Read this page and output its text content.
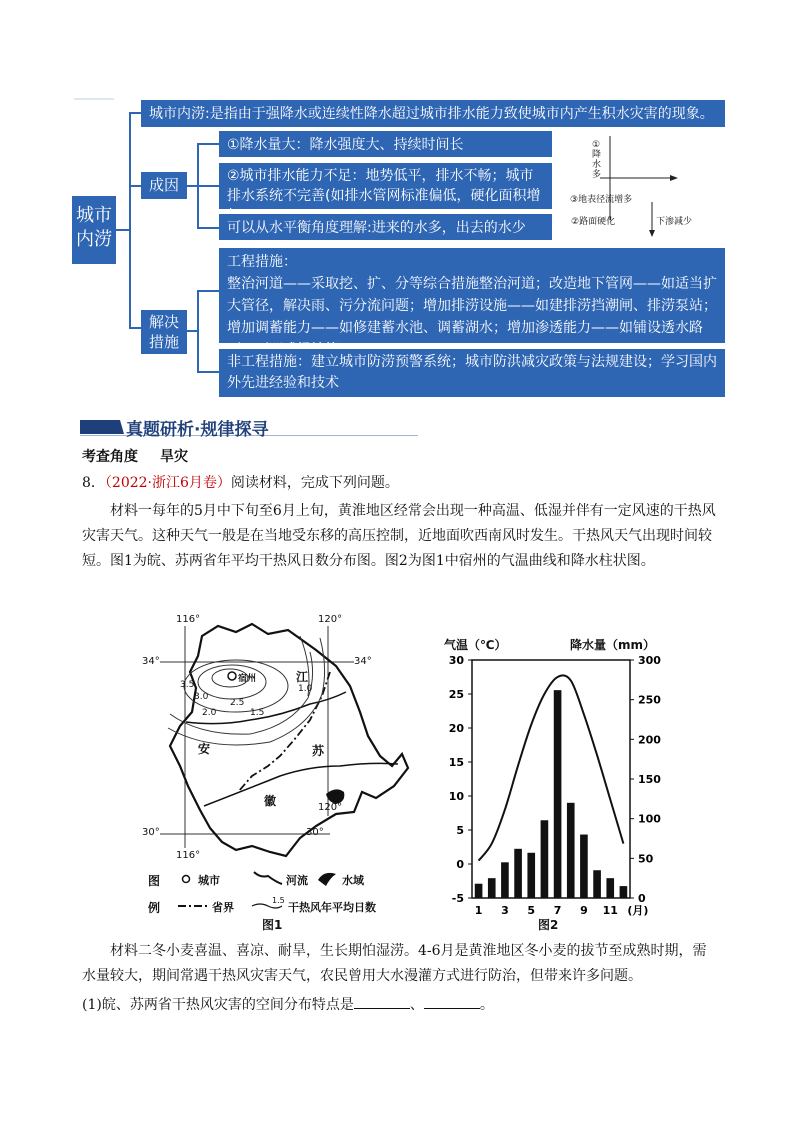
城市
内涝
城市内涝:是指由于强降水或连续性降水超过城市排水能力致使城市内产生积水灾害的现象。
成因
①降水量大：降水强度大、持续时间长
②城市排水能力不足：地势低平，排水不畅；城市排水系统不完善(如排水管网标准偏低，硬化面积增
可以从水平衡角度理解:进来的水多，出去的水少
①降水多
③地表径流增多
②路面硬化	下渗减少
解决
措施
工程措施：
整治河道——采取挖、扩、分等综合措施整治河道；改造地下管网——如适当扩大管径，解决雨、污分流问题；增加排涝设施——如建排涝挡潮闸、排涝泵站；增加调蓄能力——如修建蓄水池、调蓄湖水；增加渗透能力——如铺设透水路
非工程措施：建立城市防涝预警系统；城市防洪减灾政策与法规建设；学习国内外先进经验和技术
真题研析·规律探寻
考查角度 旱灾
8．（2022·浙江6月卷）阅读材料，完成下列问题。
材料一每年的5月中下旬至6月上旬，黄淮地区经常会出现一种高温、低湿并伴有一定风速的干热风灾害天气。这种天气一般是在当地受东移的高压控制，近地面吹西南风时发生。干热风天气出现时间较短。图1为皖、苏两省年平均干热风日数分布图。图2为图1中宿州的气温曲线和降水柱状图。
116°	120°
34°	34°
30°	30°
116°
120°
宿州
安
徽
江
苏
3.5
3.0
2.5
2.0	1.5
1.0
图
例
城市	河流	水域
省界
1.5
干热风年平均日数
图1
气温（℃）	降水量（mm）
-5
0
5
10
15
20
25
30
0
50
100
150
200
250
300
1 3 5 7 9 11 (月)
图2
材料二冬小麦喜温、喜凉、耐旱，生长期怕湿涝。4-6月是黄淮地区冬小麦的拔节至成熟时期，需水量较大，期间常遇干热风灾害天气，农民曾用大水漫灌方式进行防治，但带来许多问题。
(1)皖、苏两省干热风灾害的空间分布特点是	、	。
